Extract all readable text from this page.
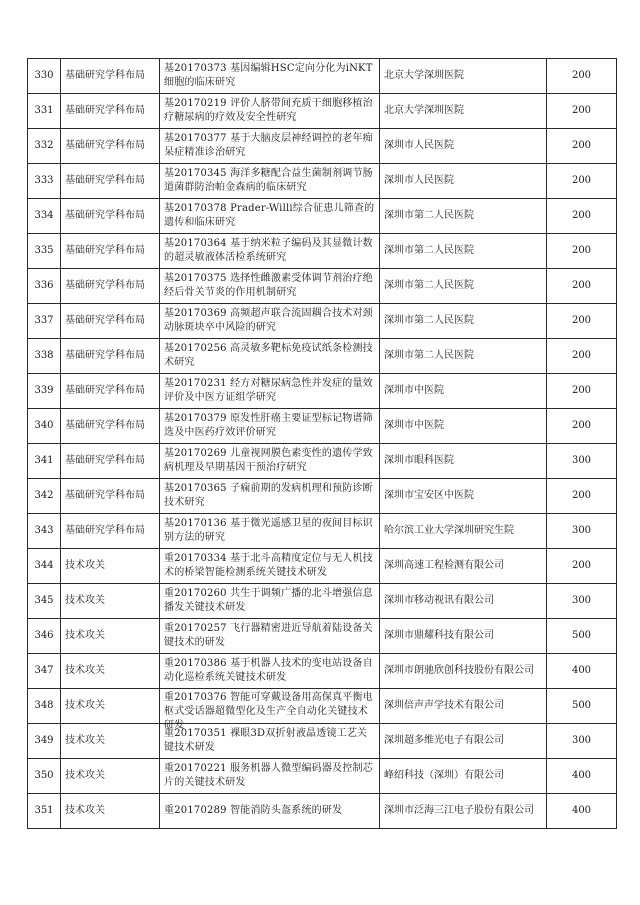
330	基础研究学科布局	基20170373 基因编辑HSC定向分化为iNKT细胞的临床研究	北京大学深圳医院	200
331	基础研究学科布局	基20170219 评价人脐带间充质干细胞移植治疗糖尿病的疗效及安全性研究	北京大学深圳医院	200
332	基础研究学科布局	基20170377 基于大脑皮层神经调控的老年痴呆症精准诊治研究	深圳市人民医院	200
333	基础研究学科布局	基20170345 海洋多糖配合益生菌制剂调节肠道菌群防治帕金森病的临床研究	深圳市人民医院	200
334	基础研究学科布局	基20170378 Prader-Willi综合征患儿筛查的遗传和临床研究	深圳市第二人民医院	200
335	基础研究学科布局	基20170364 基于纳米粒子编码及其显微计数的超灵敏液体活检系统研究	深圳市第二人民医院	200
336	基础研究学科布局	基20170375 选择性雌激素受体调节剂治疗绝经后骨关节炎的作用机制研究	深圳市第二人民医院	200
337	基础研究学科布局	基20170369 高频超声联合流固耦合技术对颈动脉斑块卒中风险的研究	深圳市第二人民医院	200
338	基础研究学科布局	基20170256 高灵敏多靶标免疫试纸条检测技术研究	深圳市第二人民医院	200
339	基础研究学科布局	基20170231 经方对糖尿病急性并发症的量效评价及中医方证组学研究	深圳市中医院	200
340	基础研究学科布局	基20170379 原发性肝癌主要证型标记物谱筛选及中医药疗效评价研究	深圳市中医院	200
341	基础研究学科布局	基20170269 儿童视网膜色素变性的遗传学致病机理及早期基因干预治疗研究	深圳市眼科医院	300
342	基础研究学科布局	基20170365 子痫前期的发病机理和预防诊断技术研究	深圳市宝安区中医院	200
343	基础研究学科布局	基20170136 基于微光遥感卫星的夜间目标识别方法的研究	哈尔滨工业大学深圳研究生院	300
344	技术攻关	重20170334 基于北斗高精度定位与无人机技术的桥梁智能检测系统关键技术研发	深圳高速工程检测有限公司	200
345	技术攻关	重20170260 共生于调频广播的北斗增强信息播发关键技术研发	深圳市移动视讯有限公司	300
346	技术攻关	重20170257 飞行器精密进近导航着陆设备关键技术的研发	深圳市鼎耀科技有限公司	500
347	技术攻关	重20170386 基于机器人技术的变电站设备自动化巡检系统关键技术研发	深圳市朗驰欣创科技股份有限公司	400
348	技术攻关	重20170376 智能可穿戴设备用高保真平衡电枢式受话器超微型化及生产全自动化关键技术研发	深圳倍声声学技术有限公司	500
349	技术攻关	重20170351 裸眼3D双折射液晶透镜工艺关键技术研发	深圳超多维光电子有限公司	300
350	技术攻关	重20170221 服务机器人微型编码器及控制芯片的关键技术研发	峰绍科技（深圳）有限公司	400
351	技术攻关	重20170289 智能消防头盔系统的研发	深圳市泛海三江电子股份有限公司	400
